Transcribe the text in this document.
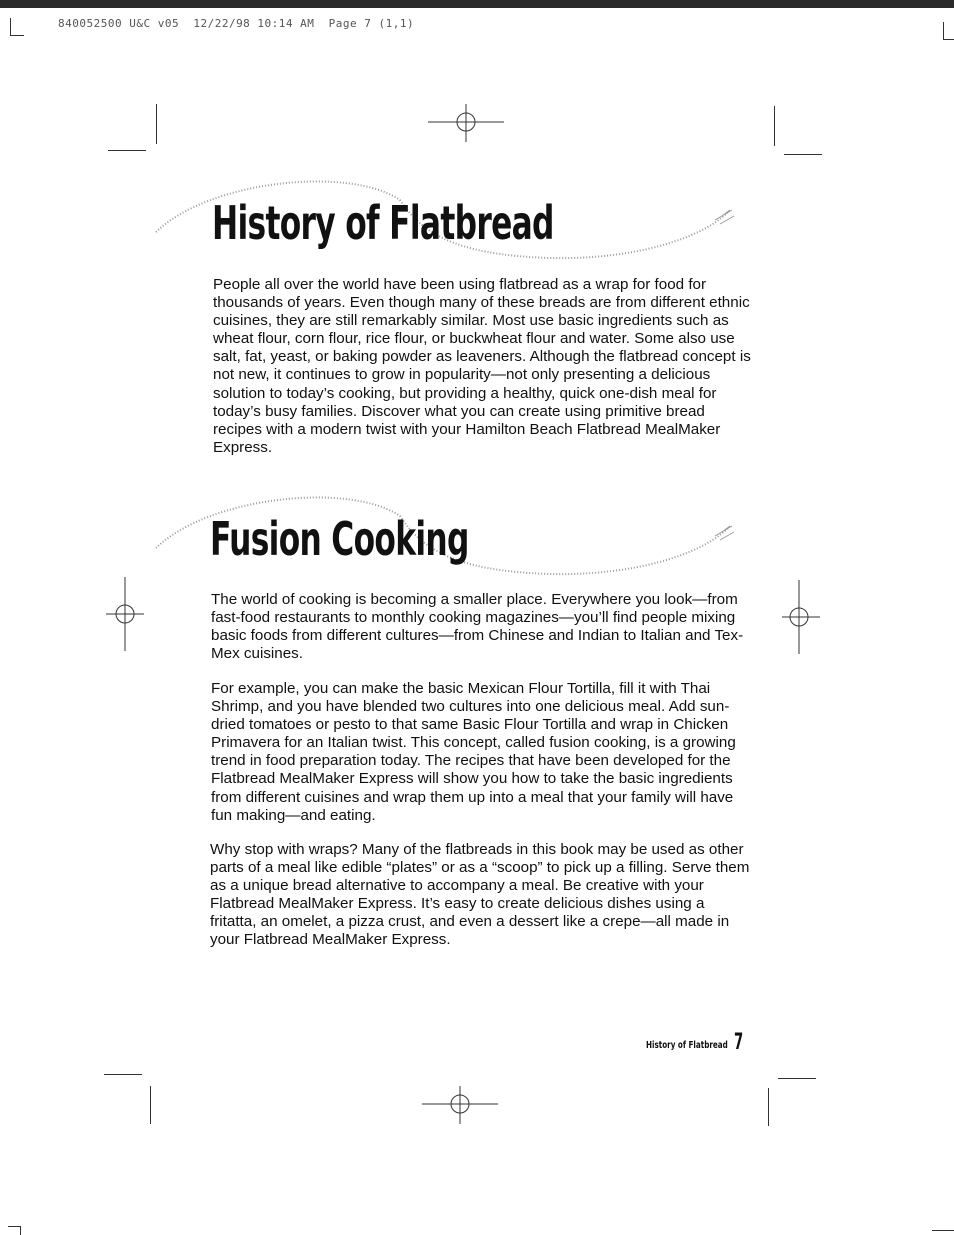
840052500 U&C v05  12/22/98 10:14 AM  Page 7 (1,1)
History of Flatbread

People all over the world have been using flatbread as a wrap for food for thousands of years. Even though many of these breads are from different ethnic cuisines, they are still remarkably similar. Most use basic ingredients such as wheat flour, corn flour, rice flour, or buckwheat flour and water. Some also use salt, fat, yeast, or baking powder as leaveners. Although the flatbread concept is not new, it continues to grow in popularity—not only presenting a delicious solution to today’s cooking, but providing a healthy, quick one-dish meal for today’s busy families. Discover what you can create using primitive bread recipes with a modern twist with your Hamilton Beach Flatbread MealMaker Express.

Fusion Cooking

The world of cooking is becoming a smaller place. Everywhere you look—from fast-food restaurants to monthly cooking magazines—you’ll find people mixing basic foods from different cultures—from Chinese and Indian to Italian and Tex-Mex cuisines.

For example, you can make the basic Mexican Flour Tortilla, fill it with Thai Shrimp, and you have blended two cultures into one delicious meal. Add sun-dried tomatoes or pesto to that same Basic Flour Tortilla and wrap in Chicken Primavera for an Italian twist. This concept, called fusion cooking, is a growing trend in food preparation today. The recipes that have been developed for the Flatbread MealMaker Express will show you how to take the basic ingredients from different cuisines and wrap them up into a meal that your family will have fun making—and eating.

Why stop with wraps? Many of the flatbreads in this book may be used as other parts of a meal like edible “plates” or as a “scoop” to pick up a filling. Serve them as a unique bread alternative to accompany a meal. Be creative with your Flatbread MealMaker Express. It’s easy to create delicious dishes using a fritatta, an omelet, a pizza crust, and even a dessert like a crepe—all made in your Flatbread MealMaker Express.

History of Flatbread 7
